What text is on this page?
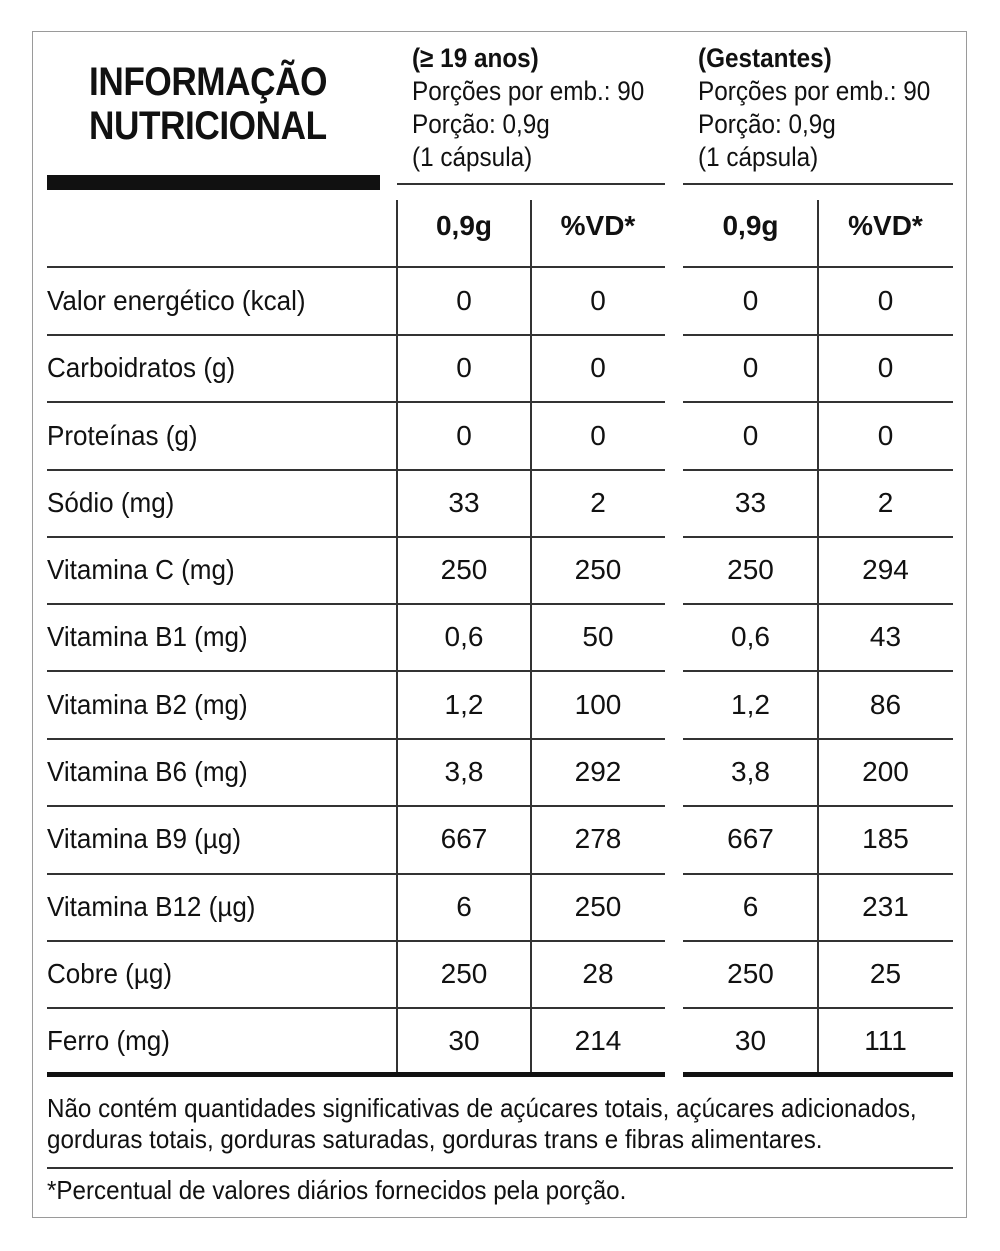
INFORMAÇÃO
NUTRICIONAL
(≥ 19 anos)
Porções por emb.: 90
Porção: 0,9g
(1 cápsula)
(Gestantes)
Porções por emb.: 90
Porção: 0,9g
(1 cápsula)
0,9g	%VD*	0,9g	%VD*
Valor energético (kcal)	0	0	0	0
Carboidratos (g)	0	0	0	0
Proteínas (g)	0	0	0	0
Sódio (mg)	33	2	33	2
Vitamina C (mg)	250	250	250	294
Vitamina B1 (mg)	0,6	50	0,6	43
Vitamina B2 (mg)	1,2	100	1,2	86
Vitamina B6 (mg)	3,8	292	3,8	200
Vitamina B9 (µg)	667	278	667	185
Vitamina B12 (µg)	6	250	6	231
Cobre (µg)	250	28	250	25
Ferro (mg)	30	214	30	111
Não contém quantidades significativas de açúcares totais, açúcares adicionados,
gorduras totais, gorduras saturadas, gorduras trans e fibras alimentares.
*Percentual de valores diários fornecidos pela porção.
